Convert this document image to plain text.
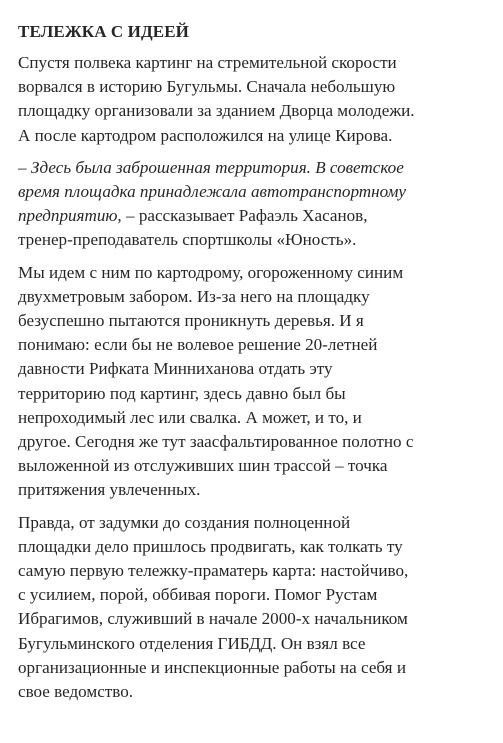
ТЕЛЕЖКА С ИДЕЕЙ

Спустя полвека картинг на стремительной скорости
ворвался в историю Бугульмы. Сначала небольшую
площадку организовали за зданием Дворца молодежи.
А после картодром расположился на улице Кирова.

– Здесь была заброшенная территория. В советское
время площадка принадлежала автотранспортному
предприятию, – рассказывает Рафаэль Хасанов,
тренер-преподаватель спортшколы «Юность».

Мы идем с ним по картодрому, огороженному синим
двухметровым забором. Из-за него на площадку
безуспешно пытаются проникнуть деревья. И я
понимаю: если бы не волевое решение 20-летней
давности Рифката Минниханова отдать эту
территорию под картинг, здесь давно был бы
непроходимый лес или свалка. А может, и то, и
другое. Сегодня же тут заасфальтированное полотно с
выложенной из отслуживших шин трассой – точка
притяжения увлеченных.

Правда, от задумки до создания полноценной
площадки дело пришлось продвигать, как толкать ту
самую первую тележку-праматерь карта: настойчиво,
с усилием, порой, оббивая пороги. Помог Рустам
Ибрагимов, служивший в начале 2000-х начальником
Бугульминского отделения ГИБДД. Он взял все
организационные и инспекционные работы на себя и
свое ведомство.
